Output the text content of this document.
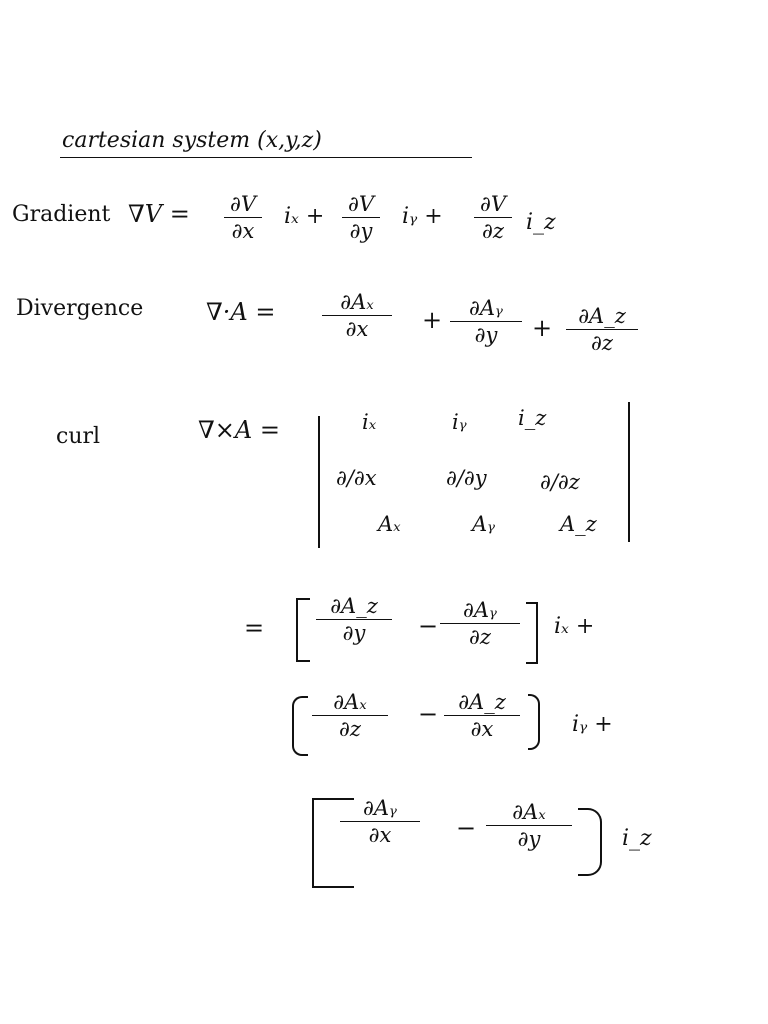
cartesian system (x,y,z)
Gradient ∇V = ∂V
∂x
iₓ + ∂V
∂y
iᵧ + ∂V
∂z	i_z
Divergence	∇·A =	∂Aₓ
∂x	+	∂Aᵧ
∂y	+	∂A_z
∂z
curl	∇×A =	iₓ	iᵧ i_z
∂/∂x	∂/∂y	∂/∂z
Aₓ	Aᵧ	A_z
=
∂A_z
∂y	−
∂Aᵧ
∂z	iₓ +
∂Aₓ
∂z
− ∂A_z
∂x	iᵧ +
∂Aᵧ
∂x	−
∂Aₓ
∂y	i_z
